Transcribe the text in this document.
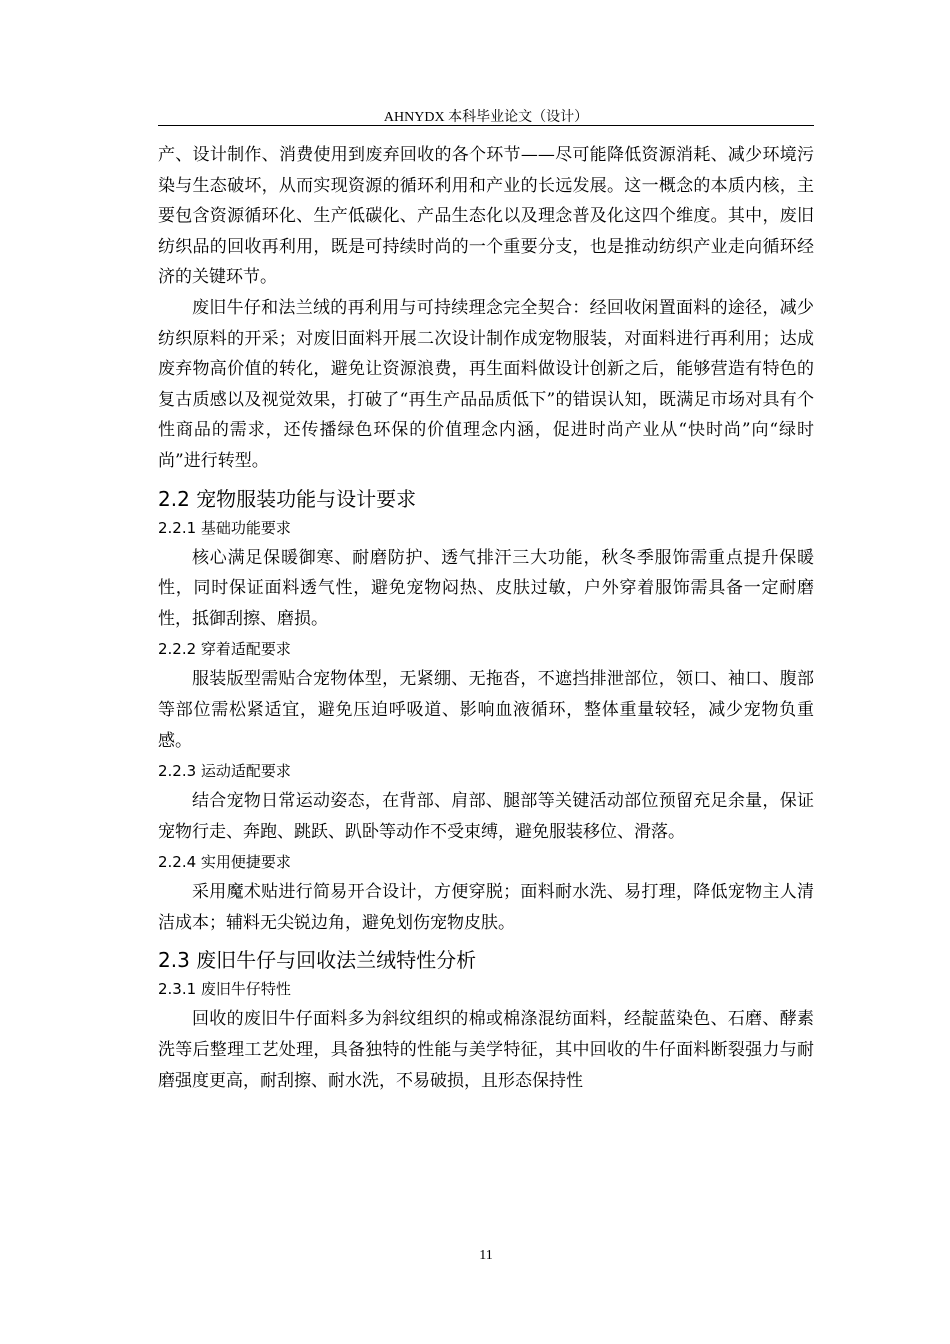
AHNYDX 本科毕业论文（设计）

产、设计制作、消费使用到废弃回收的各个环节——尽可能降低资源消耗、减少环境污染与生态破坏，从而实现资源的循环利用和产业的长远发展。这一概念的本质内核，主要包含资源循环化、生产低碳化、产品生态化以及理念普及化这四个维度。其中，废旧纺织品的回收再利用，既是可持续时尚的一个重要分支，也是推动纺织产业走向循环经济的关键环节。

废旧牛仔和法兰绒的再利用与可持续理念完全契合：经回收闲置面料的途径，减少纺织原料的开采；对废旧面料开展二次设计制作成宠物服装，对面料进行再利用；达成废弃物高价值的转化，避免让资源浪费，再生面料做设计创新之后，能够营造有特色的复古质感以及视觉效果，打破了“再生产品品质低下”的错误认知，既满足市场对具有个性商品的需求，还传播绿色环保的价值理念内涵，促进时尚产业从“快时尚”向“绿时尚”进行转型。

2.2 宠物服装功能与设计要求
2.2.1 基础功能要求

核心满足保暖御寒、耐磨防护、透气排汗三大功能，秋冬季服饰需重点提升保暖性，同时保证面料透气性，避免宠物闷热、皮肤过敏，户外穿着服饰需具备一定耐磨性，抵御刮擦、磨损。

2.2.2 穿着适配要求

服装版型需贴合宠物体型，无紧绷、无拖沓，不遮挡排泄部位，领口、袖口、腹部等部位需松紧适宜，避免压迫呼吸道、影响血液循环，整体重量较轻，减少宠物负重感。

2.2.3 运动适配要求

结合宠物日常运动姿态，在背部、肩部、腿部等关键活动部位预留充足余量，保证宠物行走、奔跑、跳跃、趴卧等动作不受束缚，避免服装移位、滑落。

2.2.4 实用便捷要求

采用魔术贴进行简易开合设计，方便穿脱；面料耐水洗、易打理，降低宠物主人清洁成本；辅料无尖锐边角，避免划伤宠物皮肤。

2.3 废旧牛仔与回收法兰绒特性分析
2.3.1 废旧牛仔特性

回收的废旧牛仔面料多为斜纹组织的棉或棉涤混纺面料，经靛蓝染色、石磨、酵素洗等后整理工艺处理，具备独特的性能与美学特征，其中回收的牛仔面料断裂强力与耐磨强度更高，耐刮擦、耐水洗，不易破损，且形态保持性

11
